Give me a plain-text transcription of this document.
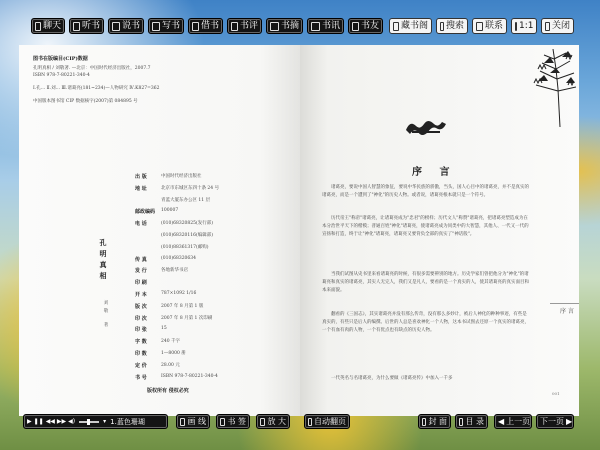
聊天 听书 说书 写书 借书 书评	书摘	书讯 书友 藏书阁 搜索 联系 1:1 关闭
图书在版编目(CIP)数据
孔明真相 / 刘敬著. —北京：中国时代经济出版社，2007.7
ISBN 978-7-80221-340-4
Ⅰ.孔… Ⅱ.刘… Ⅲ.诸葛亮(181~234)—人物研究 Ⅳ.K827=362
中国版本图书馆 CIP 数据核字(2007)第 084895 号
孔
明
真
相
刘
敬
著
出 版	中国时代经济出版社
地 址	北京市东城区东四十条 24 号
青蓝大厦东办公区 11 层
邮政编码	100007
电 话	(010)68320825(发行部)
(010)68320116(编辑部)
(010)88361317(邮购)
传 真	(010)68320634
发 行	各地新华书店
印 刷
开 本	787×1092 1/16
版 次	2007 年 8 月第 1 版
印 次	2007 年 8 月第 1 次印刷
印 张	15
字 数	240 千字
印 数	1—8000 册
定 价	28.00 元
书 号	ISBN 978-7-80221-340-4
版权所有 侵权必究
序 言
诸葛亮，要说中国人智慧的象征，要说中华民族的骄傲，当头，国人心目中的诸葛亮，并不是真实的诸葛亮，而是一个遭到了"神化"的历史人物。或者说，诸葛亮根本就只是一个符号。
历代帝王"称帝"诸葛亮，让诸葛亮成为"忠君"的榜样；历代文人"称赞"诸葛亮，把诸葛亮塑造成为在本分治世平天下的楷模；普通百姓"神化"诸葛亮，使诸葛亮成为同类中的大智慧，其他人、一代又一代的宣扬和打造，终于让"神化"诸葛亮，诸葛亮又要背负全部的真实了"神话般"。
当我们试图从史书里来看诸葛亮的时候，有很多需要辨别的地方。历史学家们曾把他分为"神化"的诸葛亮和真实的诸葛亮，其实人无完人，我们又是凡人，要看的是一个真实的人，使其诸葛亮的真实面目和本来面貌。
翻看的《三国志》，其实诸葛亮并没有那么传奇，没有那么多妙计，被后人神化的种种事迹，有些是真实的，有些只是后人的编撰。后世的人总是喜欢神化一个人物，这本书试图去还原一个真实的诸葛亮，一个有血有肉的人物，一个有优点也有缺点的历史人物。
一代英名与名诸葛亮，为什么要做《诸葛亮传》中加入一千多
序 言
001
▶ ❚❚ ◀◀ ▶▶ ◀)	▾ 1.蓝色珊瑚	画 线	书 签	放 大	自动翻页	封 面 目 录 ◀ 上一页 下一页 ▶
